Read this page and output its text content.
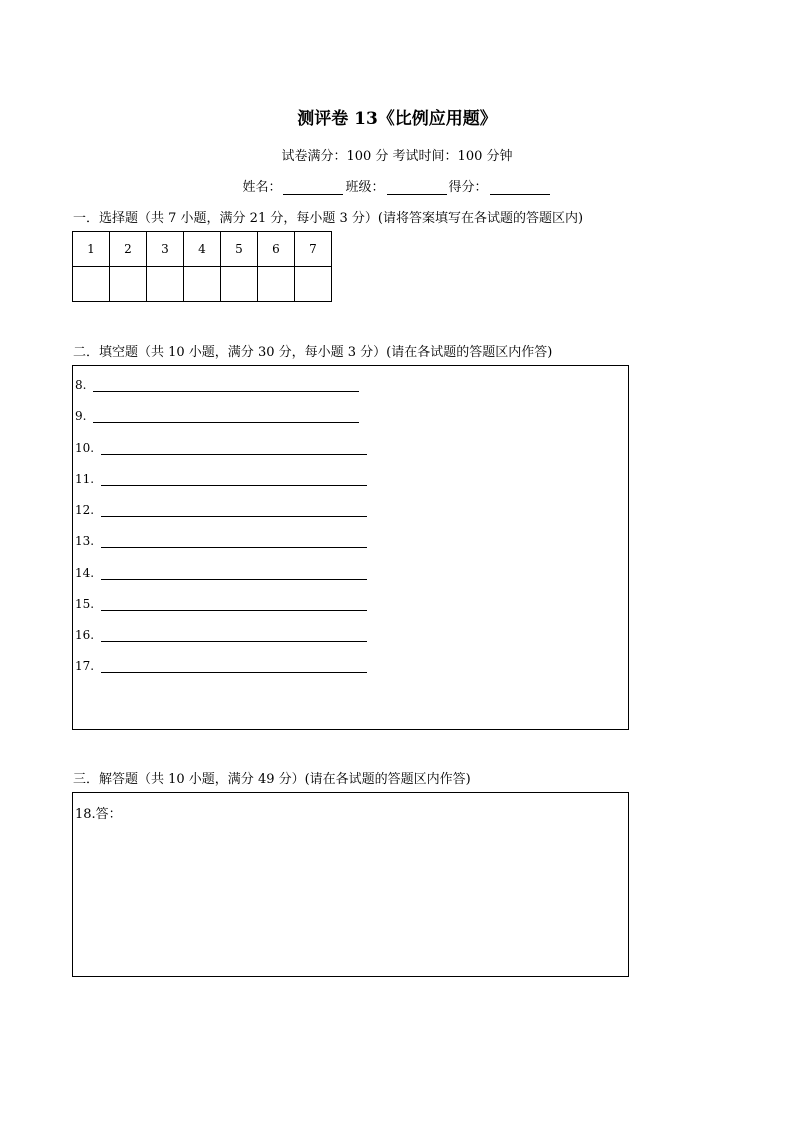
测评卷 13《比例应用题》
试卷满分：100 分 考试时间：100 分钟
姓名：	班级：	得分：
一．选择题（共 7 小题，满分 21 分，每小题 3 分）(请将答案填写在各试题的答题区内)
1	2	3	4	5	6	7

二．填空题（共 10 小题，满分 30 分，每小题 3 分）(请在各试题的答题区内作答)
8.
9.
10.
11.
12.
13.
14.
15.
16.
17.
三．解答题（共 10 小题，满分 49 分）(请在各试题的答题区内作答)
18.答：
